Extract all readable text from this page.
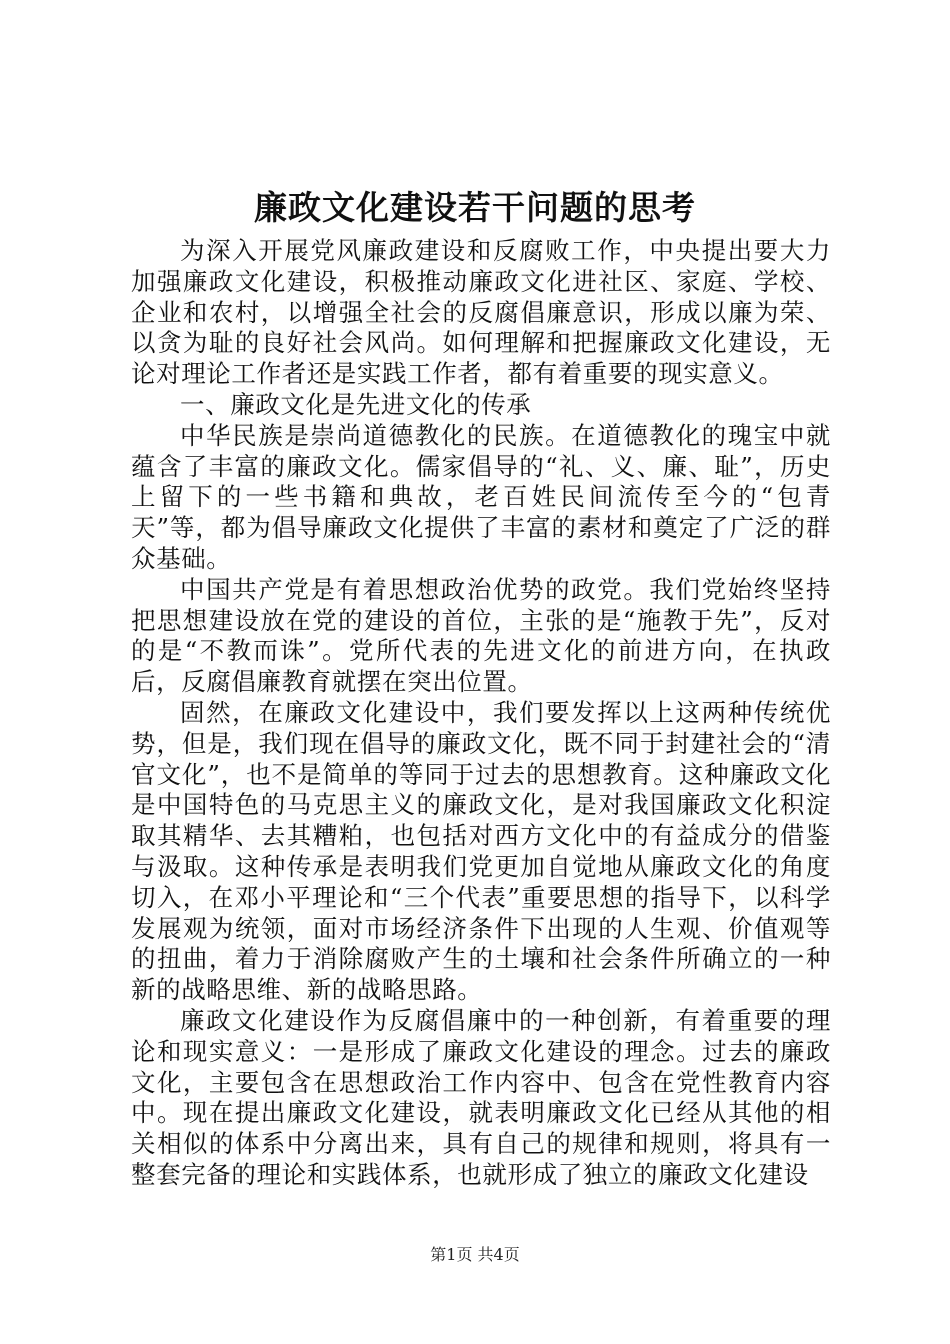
廉政文化建设若干问题的思考

为深入开展党风廉政建设和反腐败工作，中央提出要大力加强廉政文化建设，积极推动廉政文化进社区、家庭、学校、企业和农村，以增强全社会的反腐倡廉意识，形成以廉为荣、以贪为耻的良好社会风尚。如何理解和把握廉政文化建设，无论对理论工作者还是实践工作者，都有着重要的现实意义。

一、廉政文化是先进文化的传承

中华民族是崇尚道德教化的民族。在道德教化的瑰宝中就蕴含了丰富的廉政文化。儒家倡导的“礼、义、廉、耻”，历史上留下的一些书籍和典故，老百姓民间流传至今的“包青天”等，都为倡导廉政文化提供了丰富的素材和奠定了广泛的群众基础。

中国共产党是有着思想政治优势的政党。我们党始终坚持把思想建设放在党的建设的首位，主张的是“施教于先”，反对的是“不教而诛”。党所代表的先进文化的前进方向，在执政后，反腐倡廉教育就摆在突出位置。

固然，在廉政文化建设中，我们要发挥以上这两种传统优势，但是，我们现在倡导的廉政文化，既不同于封建社会的“清官文化”，也不是简单的等同于过去的思想教育。这种廉政文化是中国特色的马克思主义的廉政文化，是对我国廉政文化积淀取其精华、去其糟粕，也包括对西方文化中的有益成分的借鉴与汲取。这种传承是表明我们党更加自觉地从廉政文化的角度切入，在邓小平理论和“三个代表”重要思想的指导下，以科学发展观为统领，面对市场经济条件下出现的人生观、价值观等的扭曲，着力于消除腐败产生的土壤和社会条件所确立的一种新的战略思维、新的战略思路。

廉政文化建设作为反腐倡廉中的一种创新，有着重要的理论和现实意义：一是形成了廉政文化建设的理念。过去的廉政文化，主要包含在思想政治工作内容中、包含在党性教育内容中。现在提出廉政文化建设，就表明廉政文化已经从其他的相关相似的体系中分离出来，具有自己的规律和规则，将具有一整套完备的理论和实践体系，也就形成了独立的廉政文化建设

第1页 共4页
